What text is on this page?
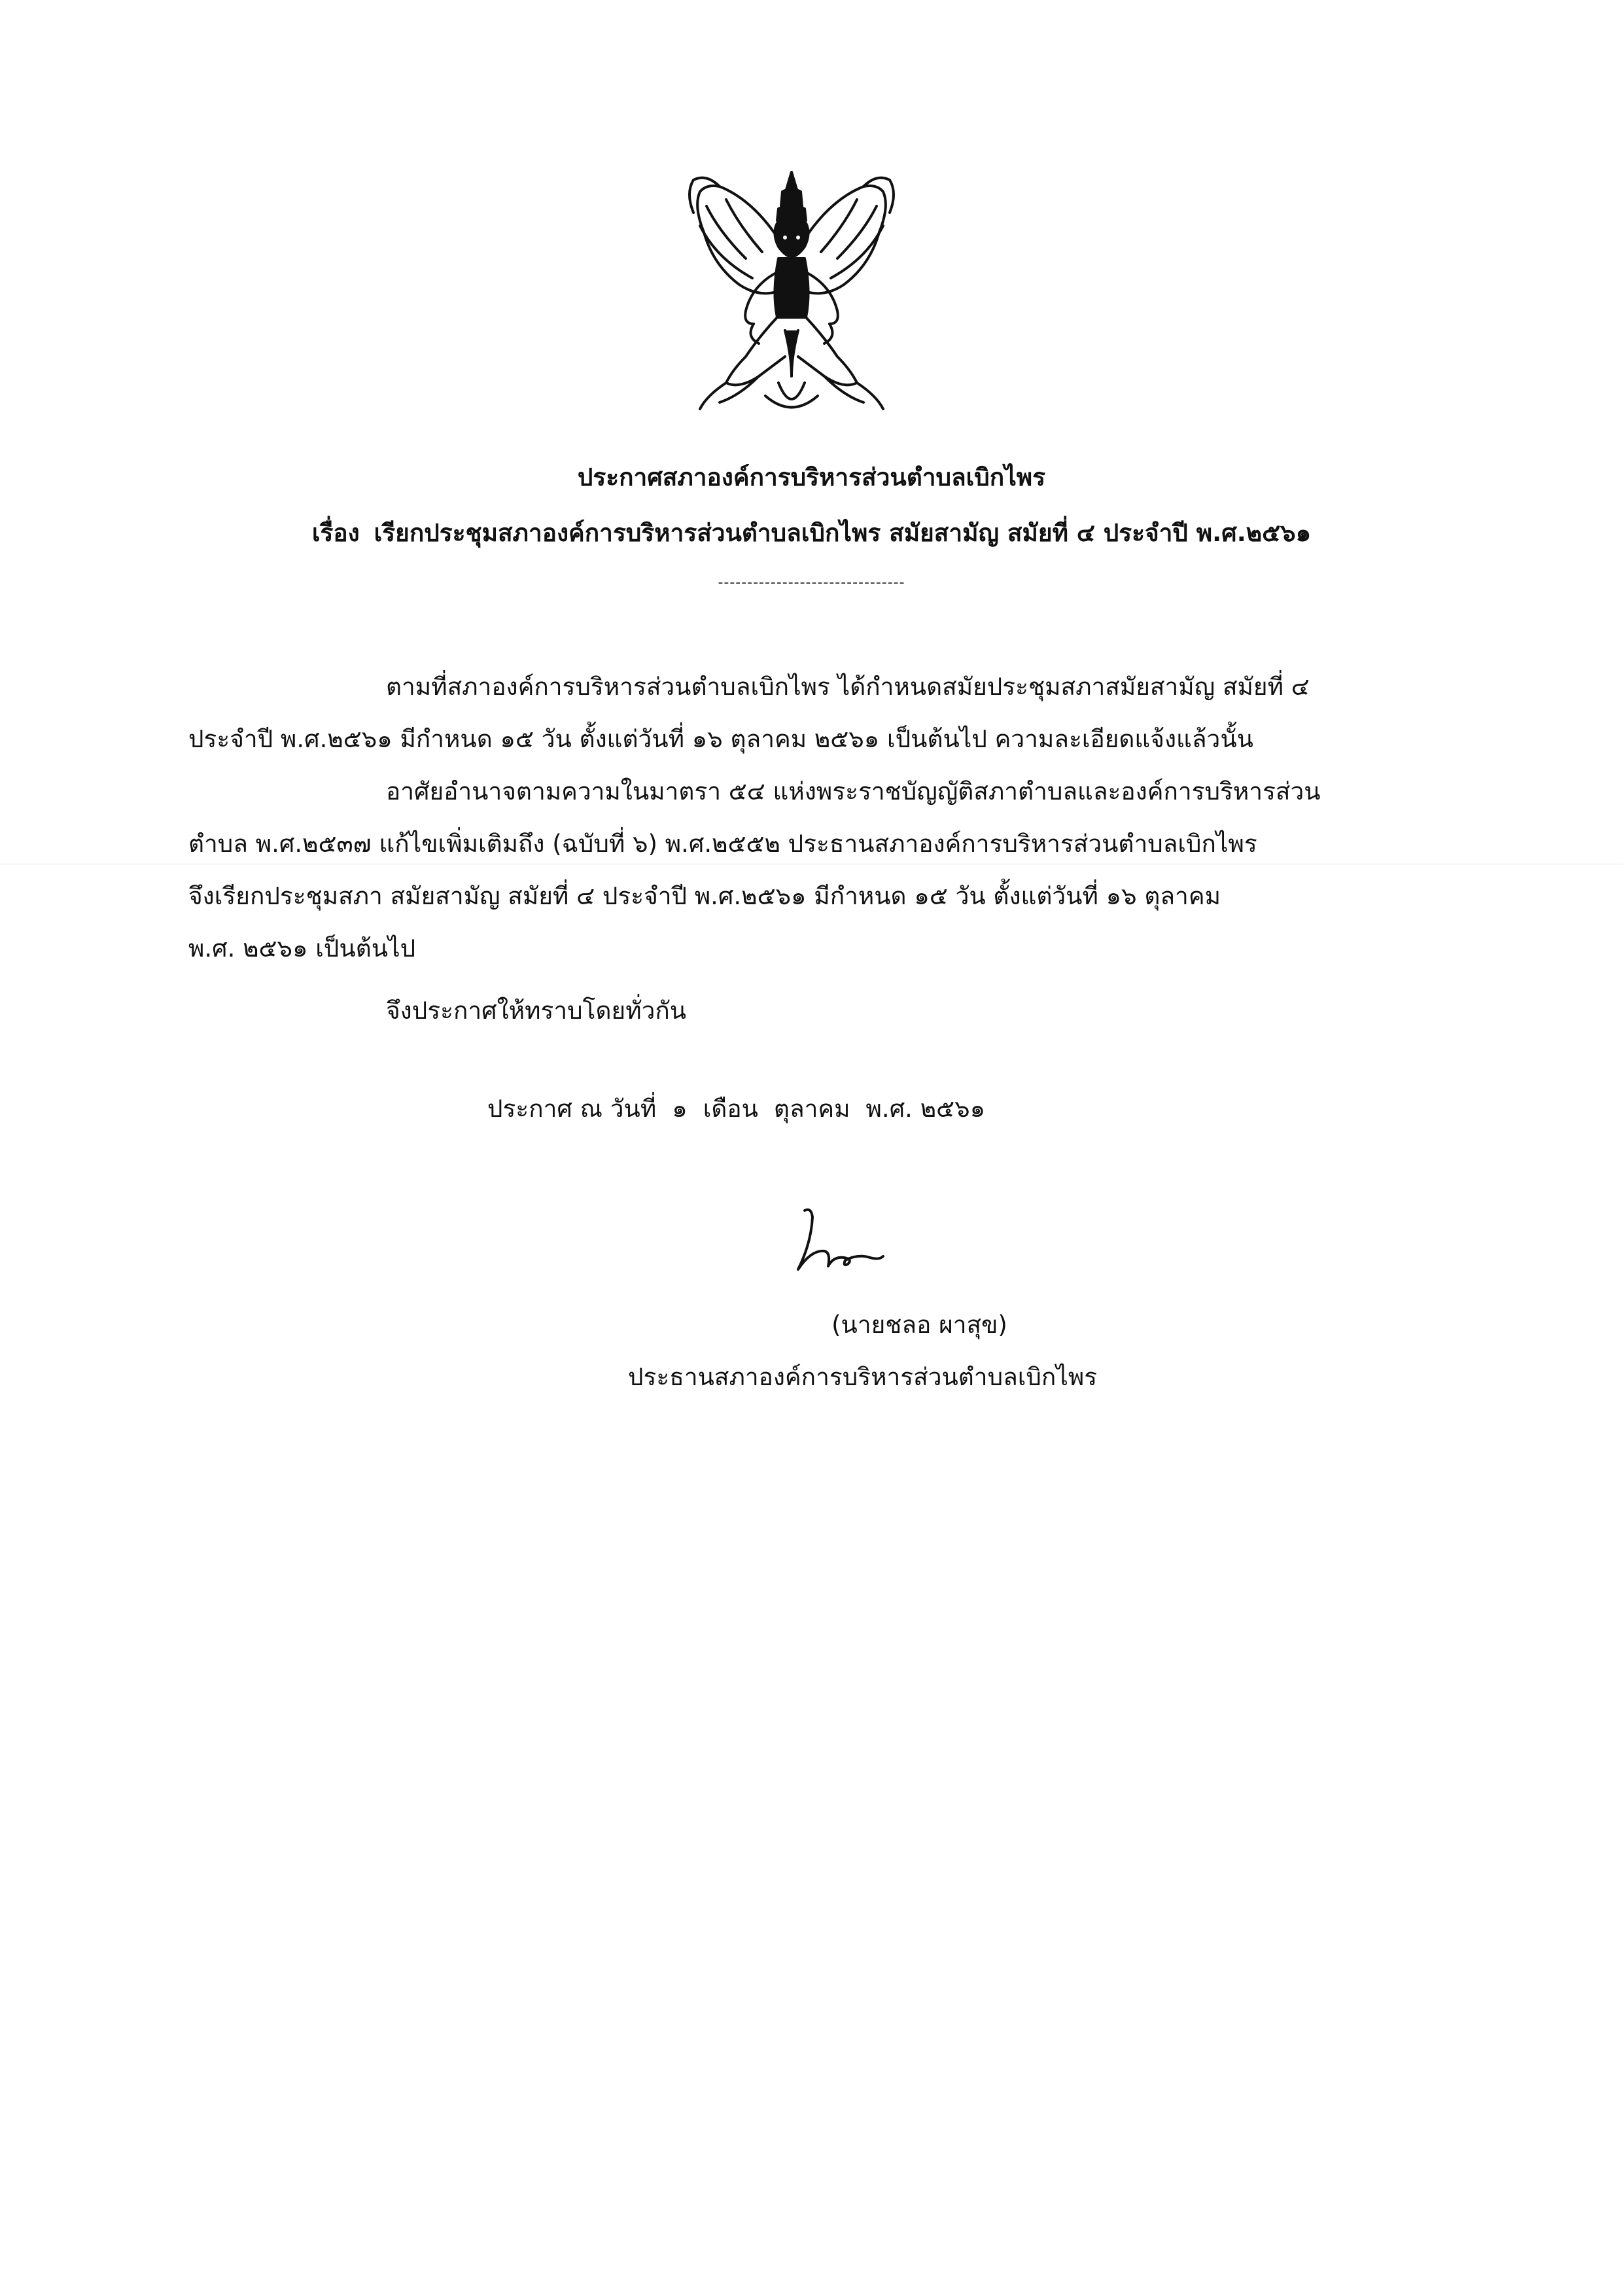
ประกาศสภาองค์การบริหารส่วนตำบลเบิกไพร
เรื่อง เรียกประชุมสภาองค์การบริหารส่วนตำบลเบิกไพร สมัยสามัญ สมัยที่ ๔ ประจำปี พ.ศ.๒๕๖๑
--------------------------------
ตามที่สภาองค์การบริหารส่วนตำบลเบิกไพร ได้กำหนดสมัยประชุมสภาสมัยสามัญ สมัยที่ ๔
ประจำปี พ.ศ.๒๕๖๑ มีกำหนด ๑๕ วัน ตั้งแต่วันที่ ๑๖ ตุลาคม ๒๕๖๑ เป็นต้นไป ความละเอียดแจ้งแล้วนั้น
อาศัยอำนาจตามความในมาตรา ๕๔ แห่งพระราชบัญญัติสภาตำบลและองค์การบริหารส่วน
ตำบล พ.ศ.๒๕๓๗ แก้ไขเพิ่มเติมถึง (ฉบับที่ ๖) พ.ศ.๒๕๕๒ ประธานสภาองค์การบริหารส่วนตำบลเบิกไพร
จึงเรียกประชุมสภา สมัยสามัญ สมัยที่ ๔ ประจำปี พ.ศ.๒๕๖๑ มีกำหนด ๑๕ วัน ตั้งแต่วันที่ ๑๖ ตุลาคม
พ.ศ. ๒๕๖๑ เป็นต้นไป
จึงประกาศให้ทราบโดยทั่วกัน
ประกาศ ณ วันที่ ๑ เดือน ตุลาคม พ.ศ. ๒๕๖๑
(นายชลอ ผาสุข)
ประธานสภาองค์การบริหารส่วนตำบลเบิกไพร
